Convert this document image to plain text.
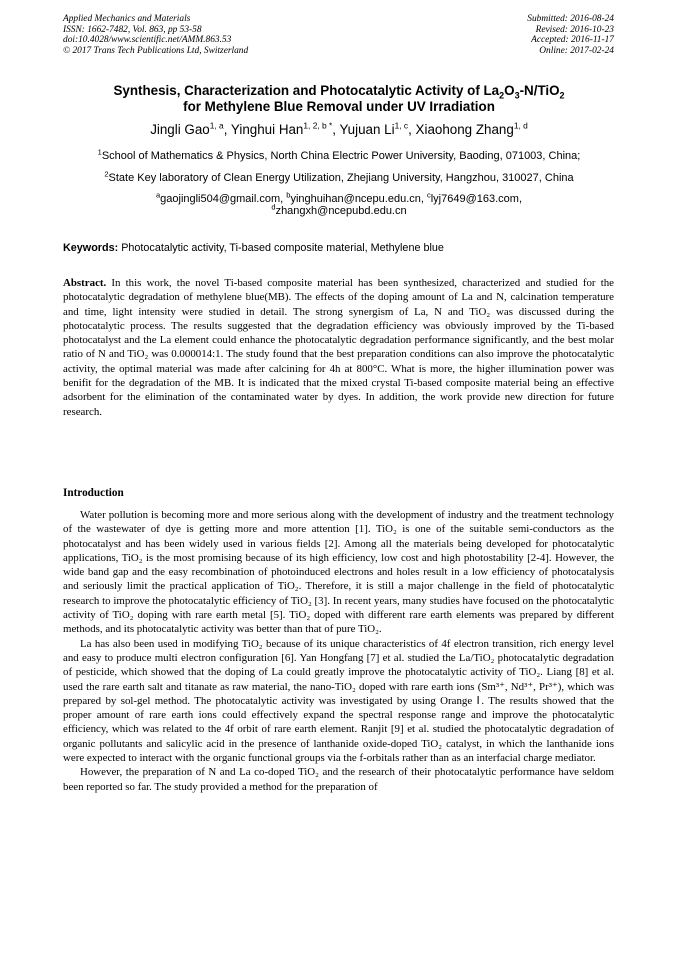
Applied Mechanics and Materials
ISSN: 1662-7482, Vol. 863, pp 53-58
doi:10.4028/www.scientific.net/AMM.863.53
© 2017 Trans Tech Publications Ltd, Switzerland
Submitted: 2016-08-24
Revised: 2016-10-23
Accepted: 2016-11-17
Online: 2017-02-24
Synthesis, Characterization and Photocatalytic Activity of $La_2O_3-N/TiO_2$
for Methylene Blue Removal under UV Irradiation
Jingli Gao$^{1, a}$, Yinghui Han$^{1, 2, b *}$, Yujuan Li$^{1, c}$, Xiaohong Zhang$^{1, d}$
$^1$School of Mathematics & Physics, North China Electric Power University, Baoding, 071003, China;
$^2$State Key laboratory of Clean Energy Utilization, Zhejiang University, Hangzhou, 310027, China
$^a$gaojingli504@gmail.com, $^b$yinghuihan@ncepu.edu.cn, $^c$lyj7649@163.com,
$^d$zhangxh@ncepubd.edu.cn
Keywords: Photocatalytic activity, Ti-based composite material, Methylene blue
Abstract. In this work, the novel Ti-based composite material has been synthesized, characterized and studied for the photocatalytic degradation of methylene blue(MB). The effects of the doping amount of La and N, calcination temperature and time, light intensity were studied in detail. The strong synergism of La, N and TiO₂ was discussed during the photocatalytic process. The results suggested that the degradation efficiency was obviously improved by the Ti-based photocatalyst and the La element could enhance the photocatalytic degradation performance significantly, and the best molar ratio of N and TiO₂ was 0.000014:1. The study found that the best preparation conditions can also improve the photocatalytic activity, the optimal material was made after calcining for 4h at 800°C. What is more, the higher illumination power was benifit for the degradation of the MB. It is indicated that the mixed crystal Ti-based composite material being an effective adsorbent for the elimination of the contaminated water by dyes. In addition, the work provide new direction for future research.
Introduction

Water pollution is becoming more and more serious along with the development of industry and the treatment technology of the wastewater of dye is getting more and more attention [1]. TiO₂ is one of the suitable semi-conductors as the photocatalyst and has been widely used in various fields [2]. Among all the materials being developed for photocatalytic applications, TiO₂ is the most promising because of its high efficiency, low cost and high photostability [2-4]. However, the wide band gap and the easy recombination of photoinduced electrons and holes result in a low efficiency of photocatalysis and seriously limit the practical application of TiO₂. Therefore, it is still a major challenge in the field of photocatalytic research to improve the photocatalytic efficiency of TiO₂ [3]. In recent years, many studies have focused on the photocatalytic activity of TiO₂ doping with rare earth metal [5]. TiO₂ doped with different rare earth elements was prepared by different methods, and its photocatalytic activity was better than that of pure TiO₂.

La has also been used in modifying TiO₂ because of its unique characteristics of 4f electron transition, rich energy level and easy to produce multi electron configuration [6]. Yan Hongfang [7] et al. studied the La/TiO₂ photocatalytic degradation of pesticide, which showed that the doping of La could greatly improve the photocatalytic activity of TiO₂. Liang [8] et al. used the rare earth salt and titanate as raw material, the nano-TiO₂ doped with rare earth ions (Sm³⁺, Nd³⁺, Pr³⁺), which was prepared by sol-gel method. The photocatalytic activity was investigated by using Orange Ⅰ. The results showed that the proper amount of rare earth ions could effectively expand the spectral response range and improve the photocatalytic efficiency, which was related to the 4f orbit of rare earth element. Ranjit [9] et al. studied the photocatalytic degradation of organic pollutants and salicylic acid in the presence of lanthanide oxide-doped TiO₂ catalyst, in which the lanthanide ions were expected to interact with the organic functional groups via the f-orbitals rather than as an interfacial charge mediator.

However, the preparation of N and La co-doped TiO₂ and the research of their photocatalytic performance have seldom been reported so far. The study provided a method for the preparation of
